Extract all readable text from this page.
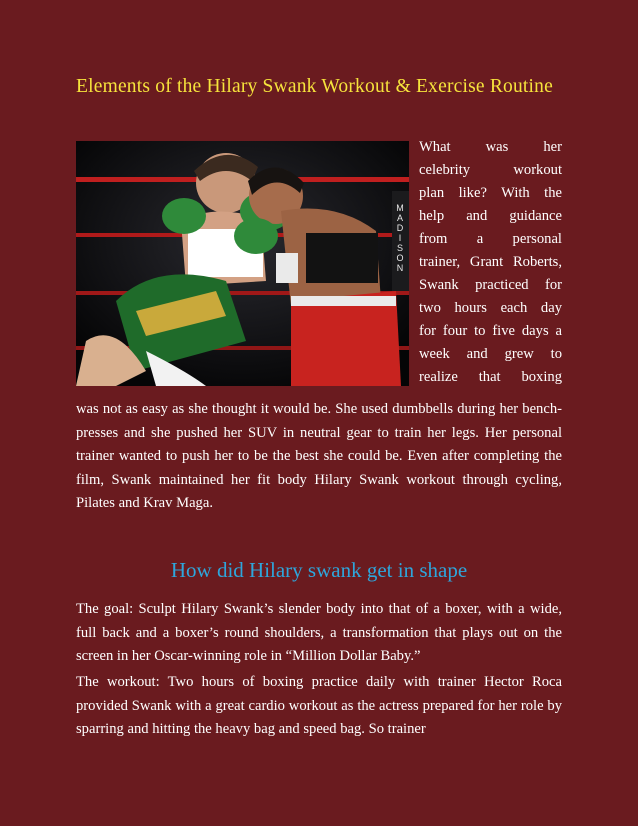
Elements of the Hilary Swank Workout & Exercise Routine
M
A
D
I
S
O
N
What was her
celebrity workout
plan like? With the
help and guidance
from a personal
trainer, Grant Roberts,
Swank practiced for
two hours each day
for four to five days a
week and grew to
realize that boxing

was not as easy as she thought it would be. She used dumbbells during her bench-presses and she pushed her SUV in neutral gear to train her legs. Her personal trainer wanted to push her to be the best she could be. Even after completing the film, Swank maintained her fit body Hilary Swank workout through cycling, Pilates and Krav Maga.

How did Hilary swank get in shape

The goal: Sculpt Hilary Swank’s slender body into that of a boxer, with a wide, full back and a boxer’s round shoulders, a transformation that plays out on the screen in her Oscar-winning role in “Million Dollar Baby.”

The workout: Two hours of boxing practice daily with trainer Hector Roca provided Swank with a great cardio workout as the actress prepared for her role by sparring and hitting the heavy bag and speed bag. So trainer
